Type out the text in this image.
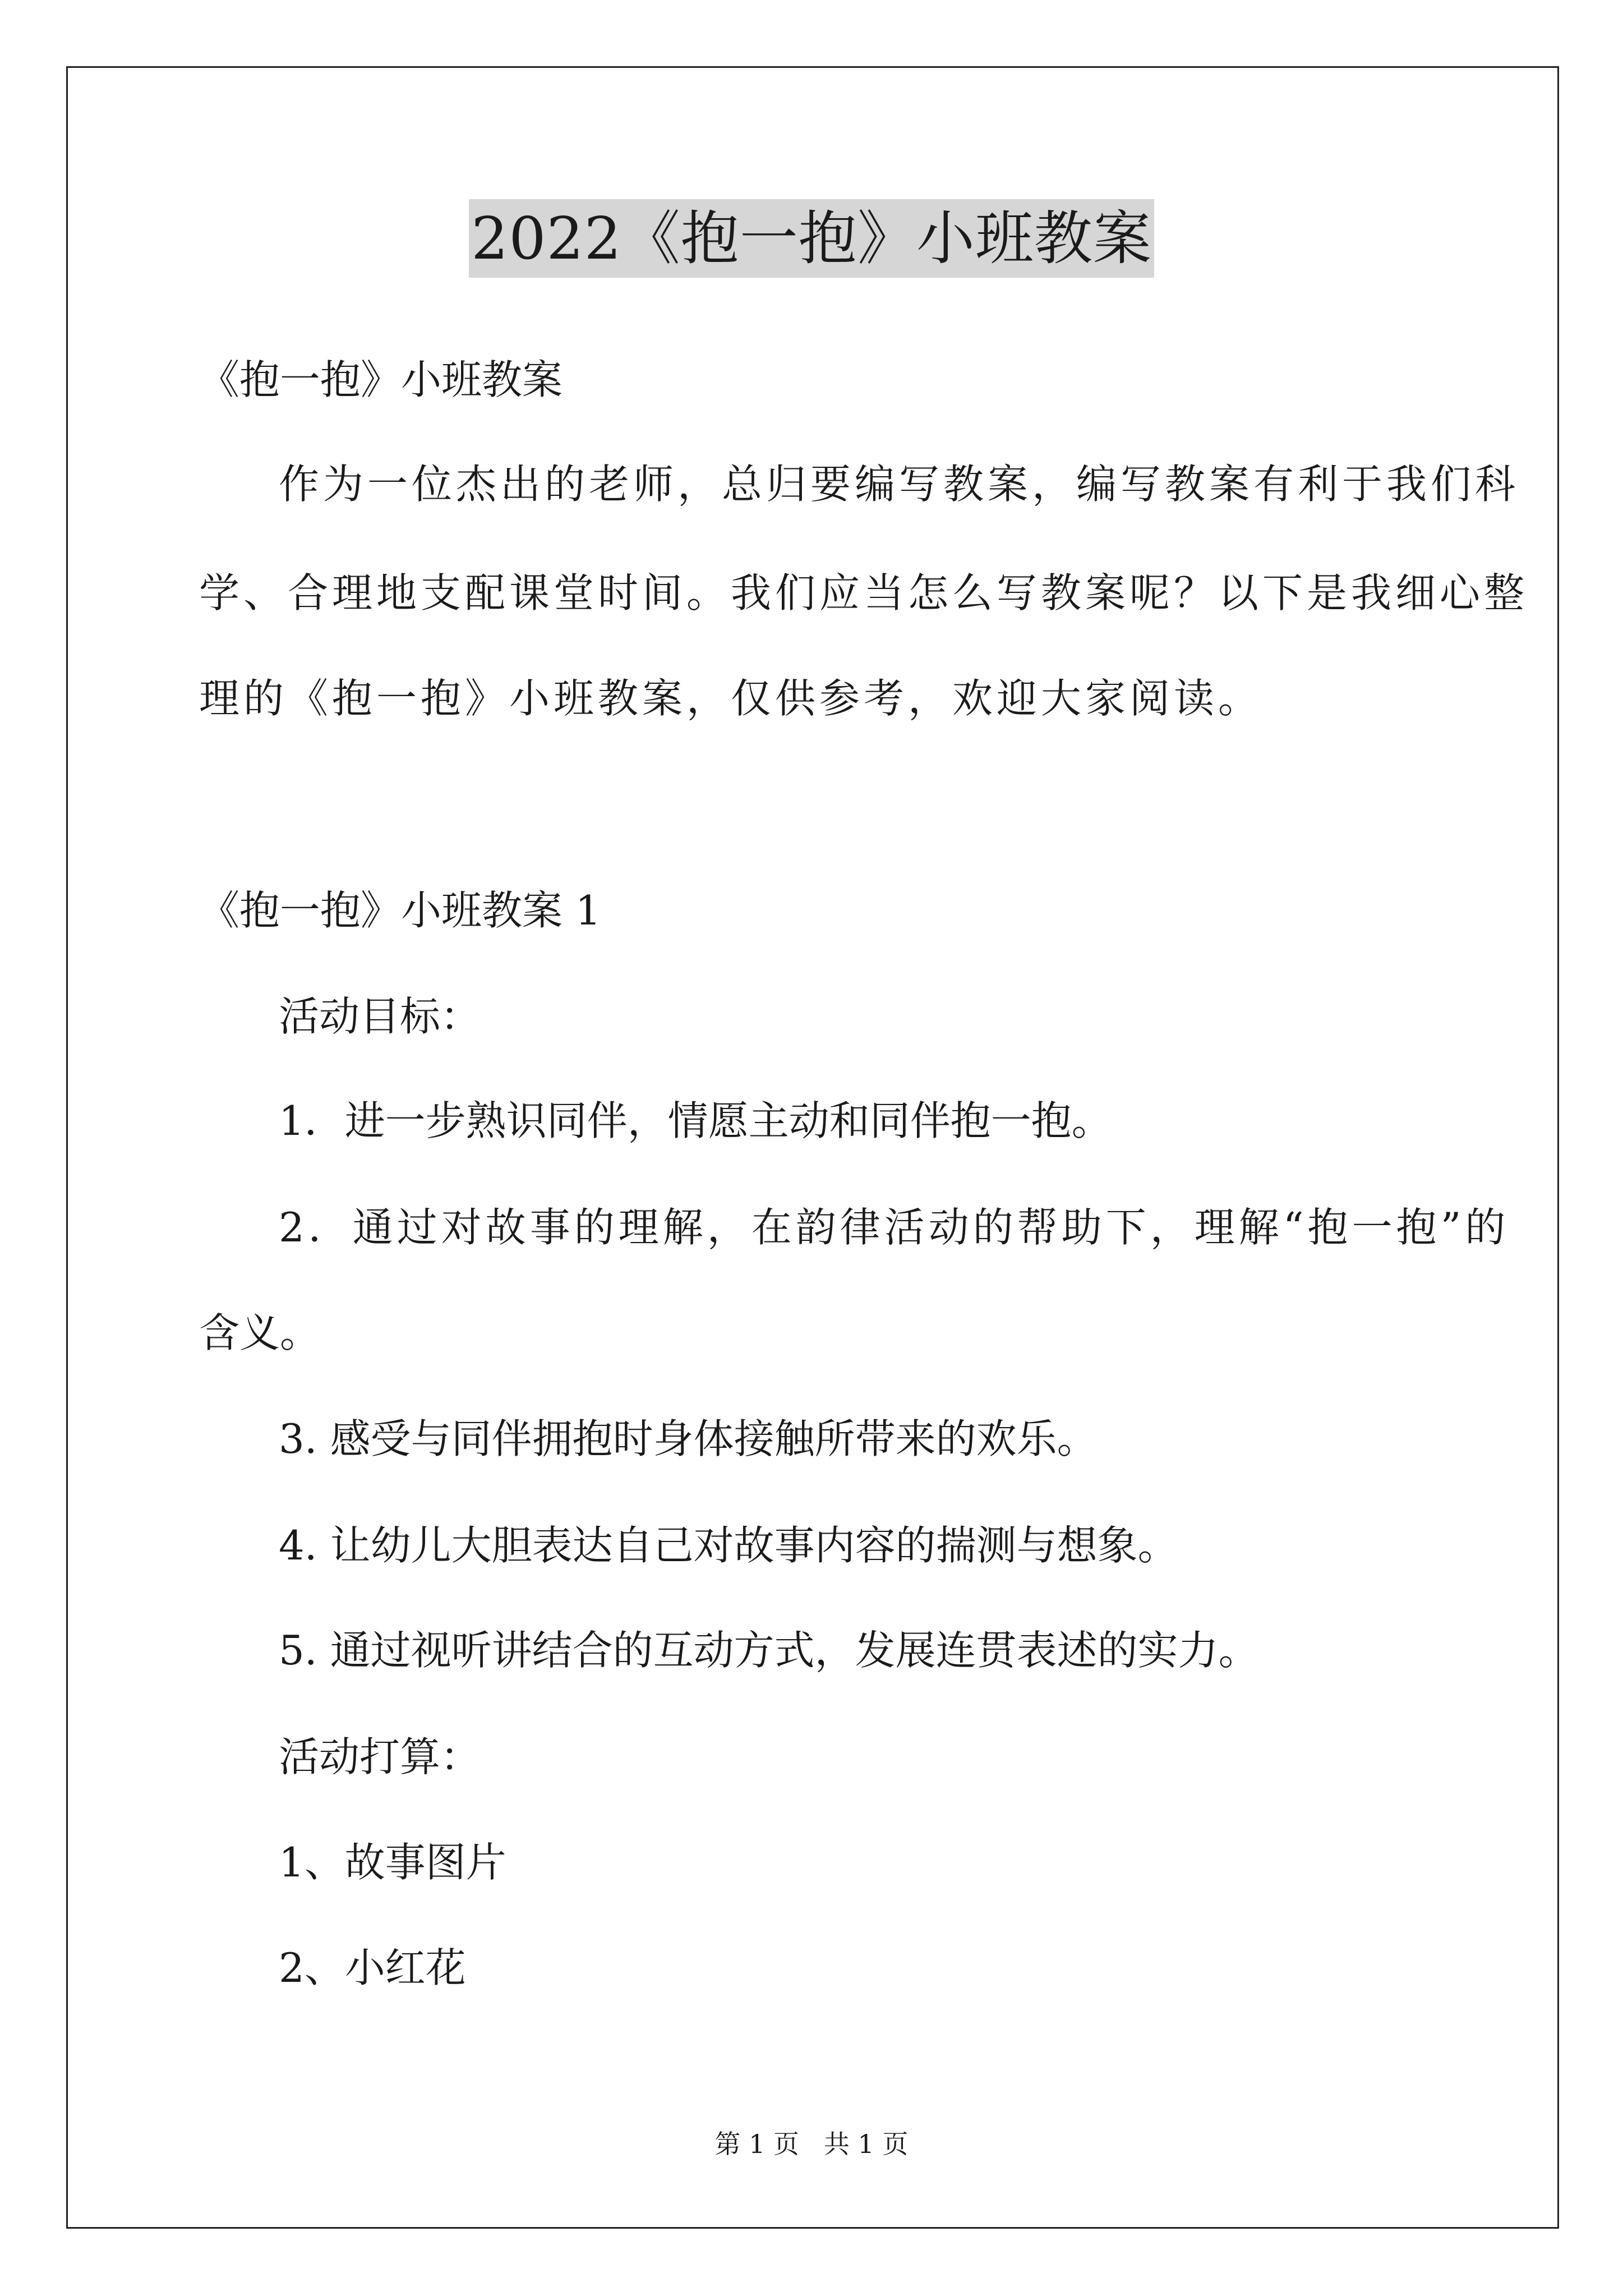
2022《抱一抱》小班教案
《抱一抱》小班教案
作为一位杰出的老师，总归要编写教案，编写教案有利于我们科
学、合理地支配课堂时间。我们应当怎么写教案呢？以下是我细心整
理的《抱一抱》小班教案，仅供参考，欢迎大家阅读。
《抱一抱》小班教案 1
活动目标：
1．进一步熟识同伴，情愿主动和同伴抱一抱。
2．通过对故事的理解，在韵律活动的帮助下，理解“抱一抱”的
含义。
3. 感受与同伴拥抱时身体接触所带来的欢乐。
4. 让幼儿大胆表达自己对故事内容的揣测与想象。
5. 通过视听讲结合的互动方式，发展连贯表述的实力。
活动打算：
1、故事图片
2、小红花
第 1 页   共 1 页
